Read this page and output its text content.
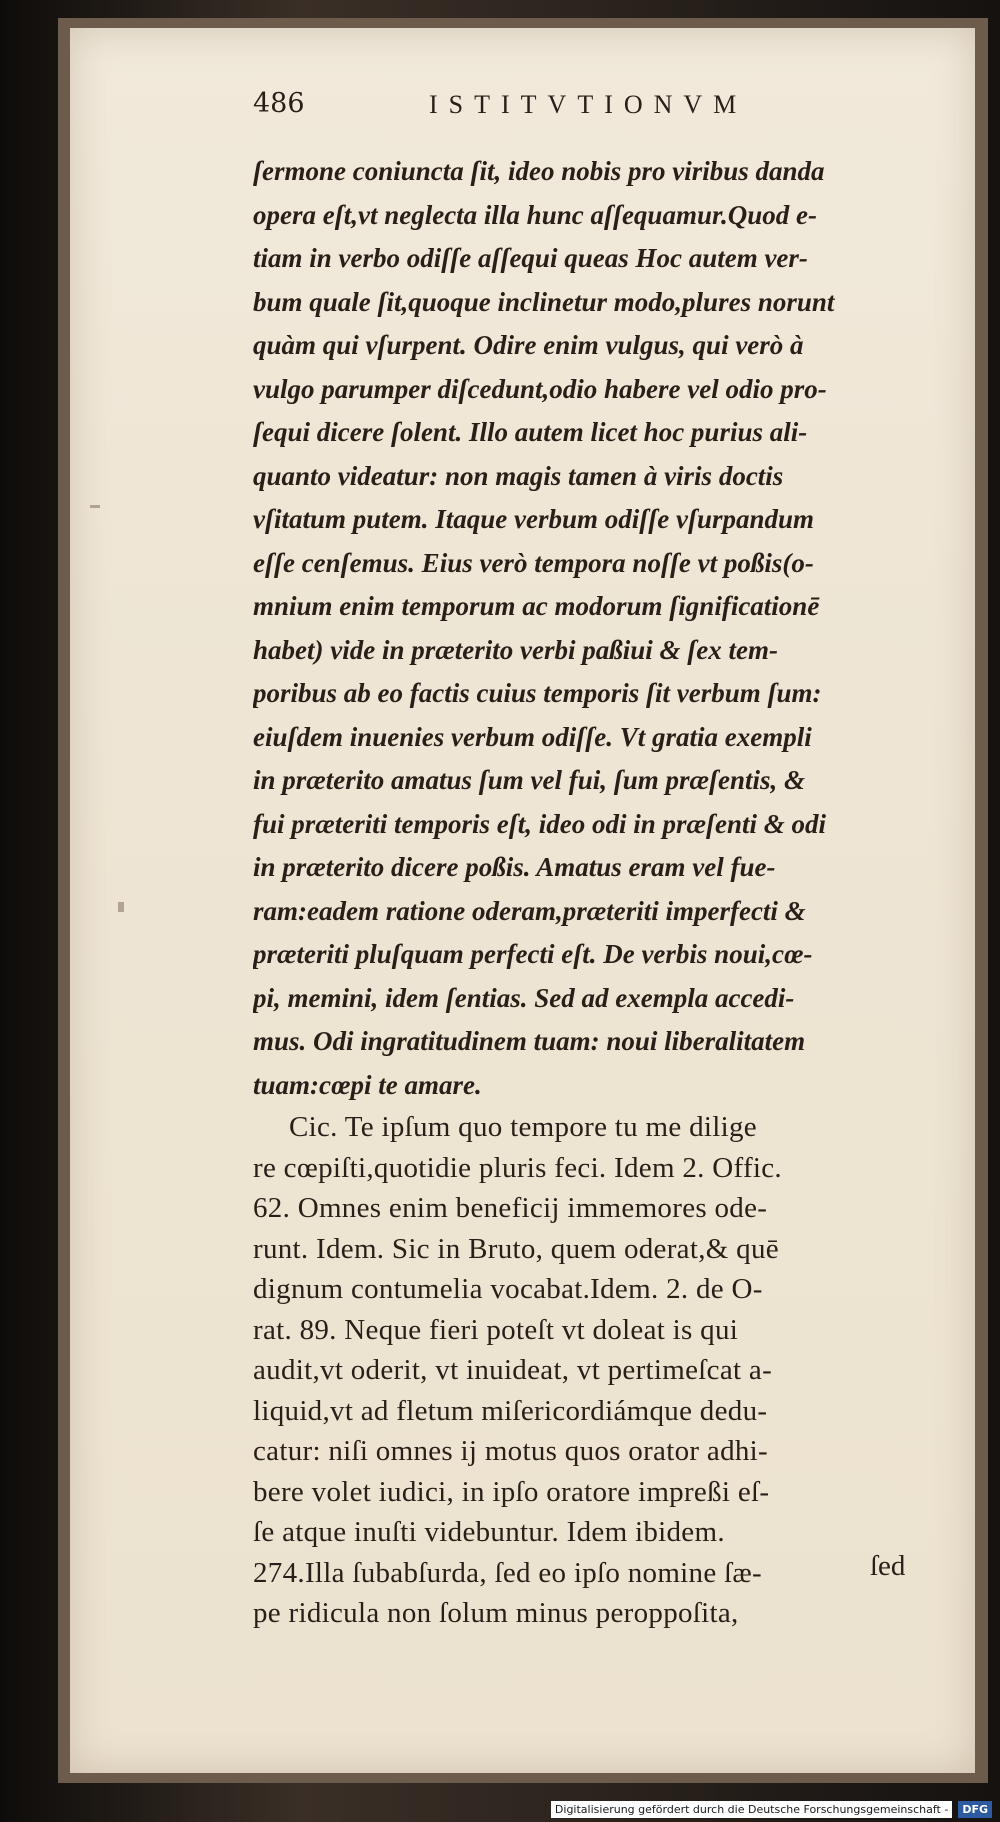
486	ISTITVTIONVM
ſermone coniuncta ſit, ideo nobis pro viribus danda
opera eſt,vt neglecta illa hunc aſſequamur.Quod e-
tiam in verbo odiſſe aſſequi queas Hoc autem ver-
bum quale ſit,quoque inclinetur modo,plures norunt
quàm qui vſurpent. Odire enim vulgus, qui verò à
vulgo parumper diſcedunt,odio habere vel odio pro-
ſequi dicere ſolent. Illo autem licet hoc purius ali-
quanto videatur: non magis tamen à viris doctis
vſitatum putem. Itaque verbum odiſſe vſurpandum
eſſe cenſemus. Eius verò tempora noſſe vt poßis(o-
mnium enim temporum ac modorum ſignificationē
habet) vide in præterito verbi paßiui & ſex tem-
poribus ab eo factis cuius temporis ſit verbum ſum:
eiuſdem inuenies verbum odiſſe. Vt gratia exempli
in præterito amatus ſum vel fui, ſum præſentis, &
fui præteriti temporis eſt, ideo odi in præſenti & odi
in præterito dicere poßis. Amatus eram vel fue-
ram:eadem ratione oderam,præteriti imperfecti &
præteriti pluſquam perfecti eſt. De verbis noui,cœ-
pi, memini, idem ſentias. Sed ad exempla accedi-
mus. Odi ingratitudinem tuam: noui liberalitatem
tuam:cœpi te amare.
Cic. Te ipſum quo tempore tu me dilige
re cœpiſti,quotidie pluris feci. Idem 2. Offic.
62. Omnes enim beneficij immemores ode-
runt. Idem. Sic in Bruto, quem oderat,& quē
dignum contumelia vocabat.Idem. 2. de O-
rat. 89. Neque fieri poteſt vt doleat is qui
audit,vt oderit, vt inuideat, vt pertimeſcat a-
liquid,vt ad fletum miſericordiámque dedu-
catur: niſi omnes ij motus quos orator adhi-
bere volet iudici, in ipſo oratore impreßi eſ-
ſe atque inuſti videbuntur. Idem ibidem.
274.Illa ſubabſurda, ſed eo ipſo nomine ſæ-
pe ridicula non ſolum minus peroppoſita,
ſed
Digitalisierung gefördert durch die Deutsche Forschungsgemeinschaft -	DFG
